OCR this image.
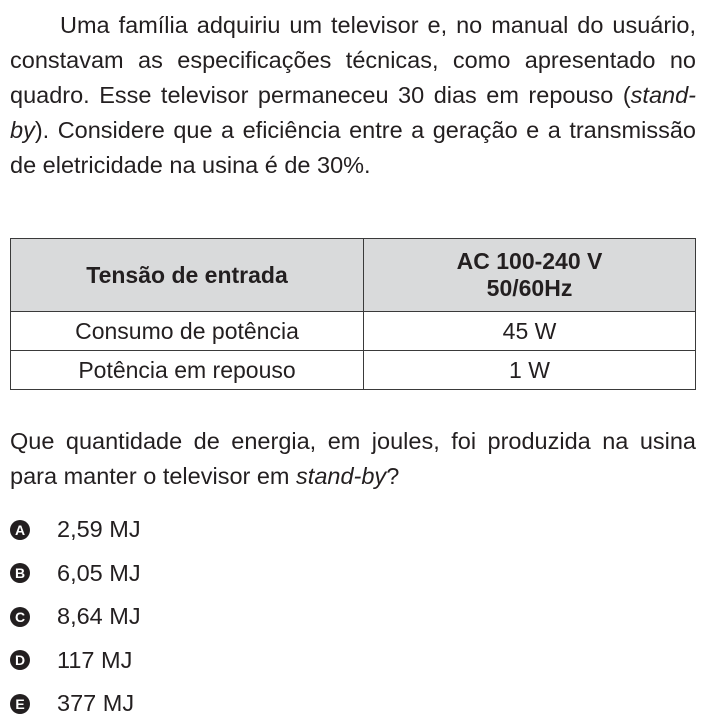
Uma família adquiriu um televisor e, no manual do usuário, constavam as especificações técnicas, como apresentado no quadro. Esse televisor permaneceu 30 dias em repouso (stand-by). Considere que a eficiência entre a geração e a transmissão de eletricidade na usina é de 30%.

Tensão de entrada	AC 100-240 V
50/60Hz
Consumo de potência	45 W
Potência em repouso	1 W

Que quantidade de energia, em joules, foi produzida na usina para manter o televisor em stand-by?

A 2,59 MJ
B 6,05 MJ
C 8,64 MJ
D 117 MJ
E 377 MJ
